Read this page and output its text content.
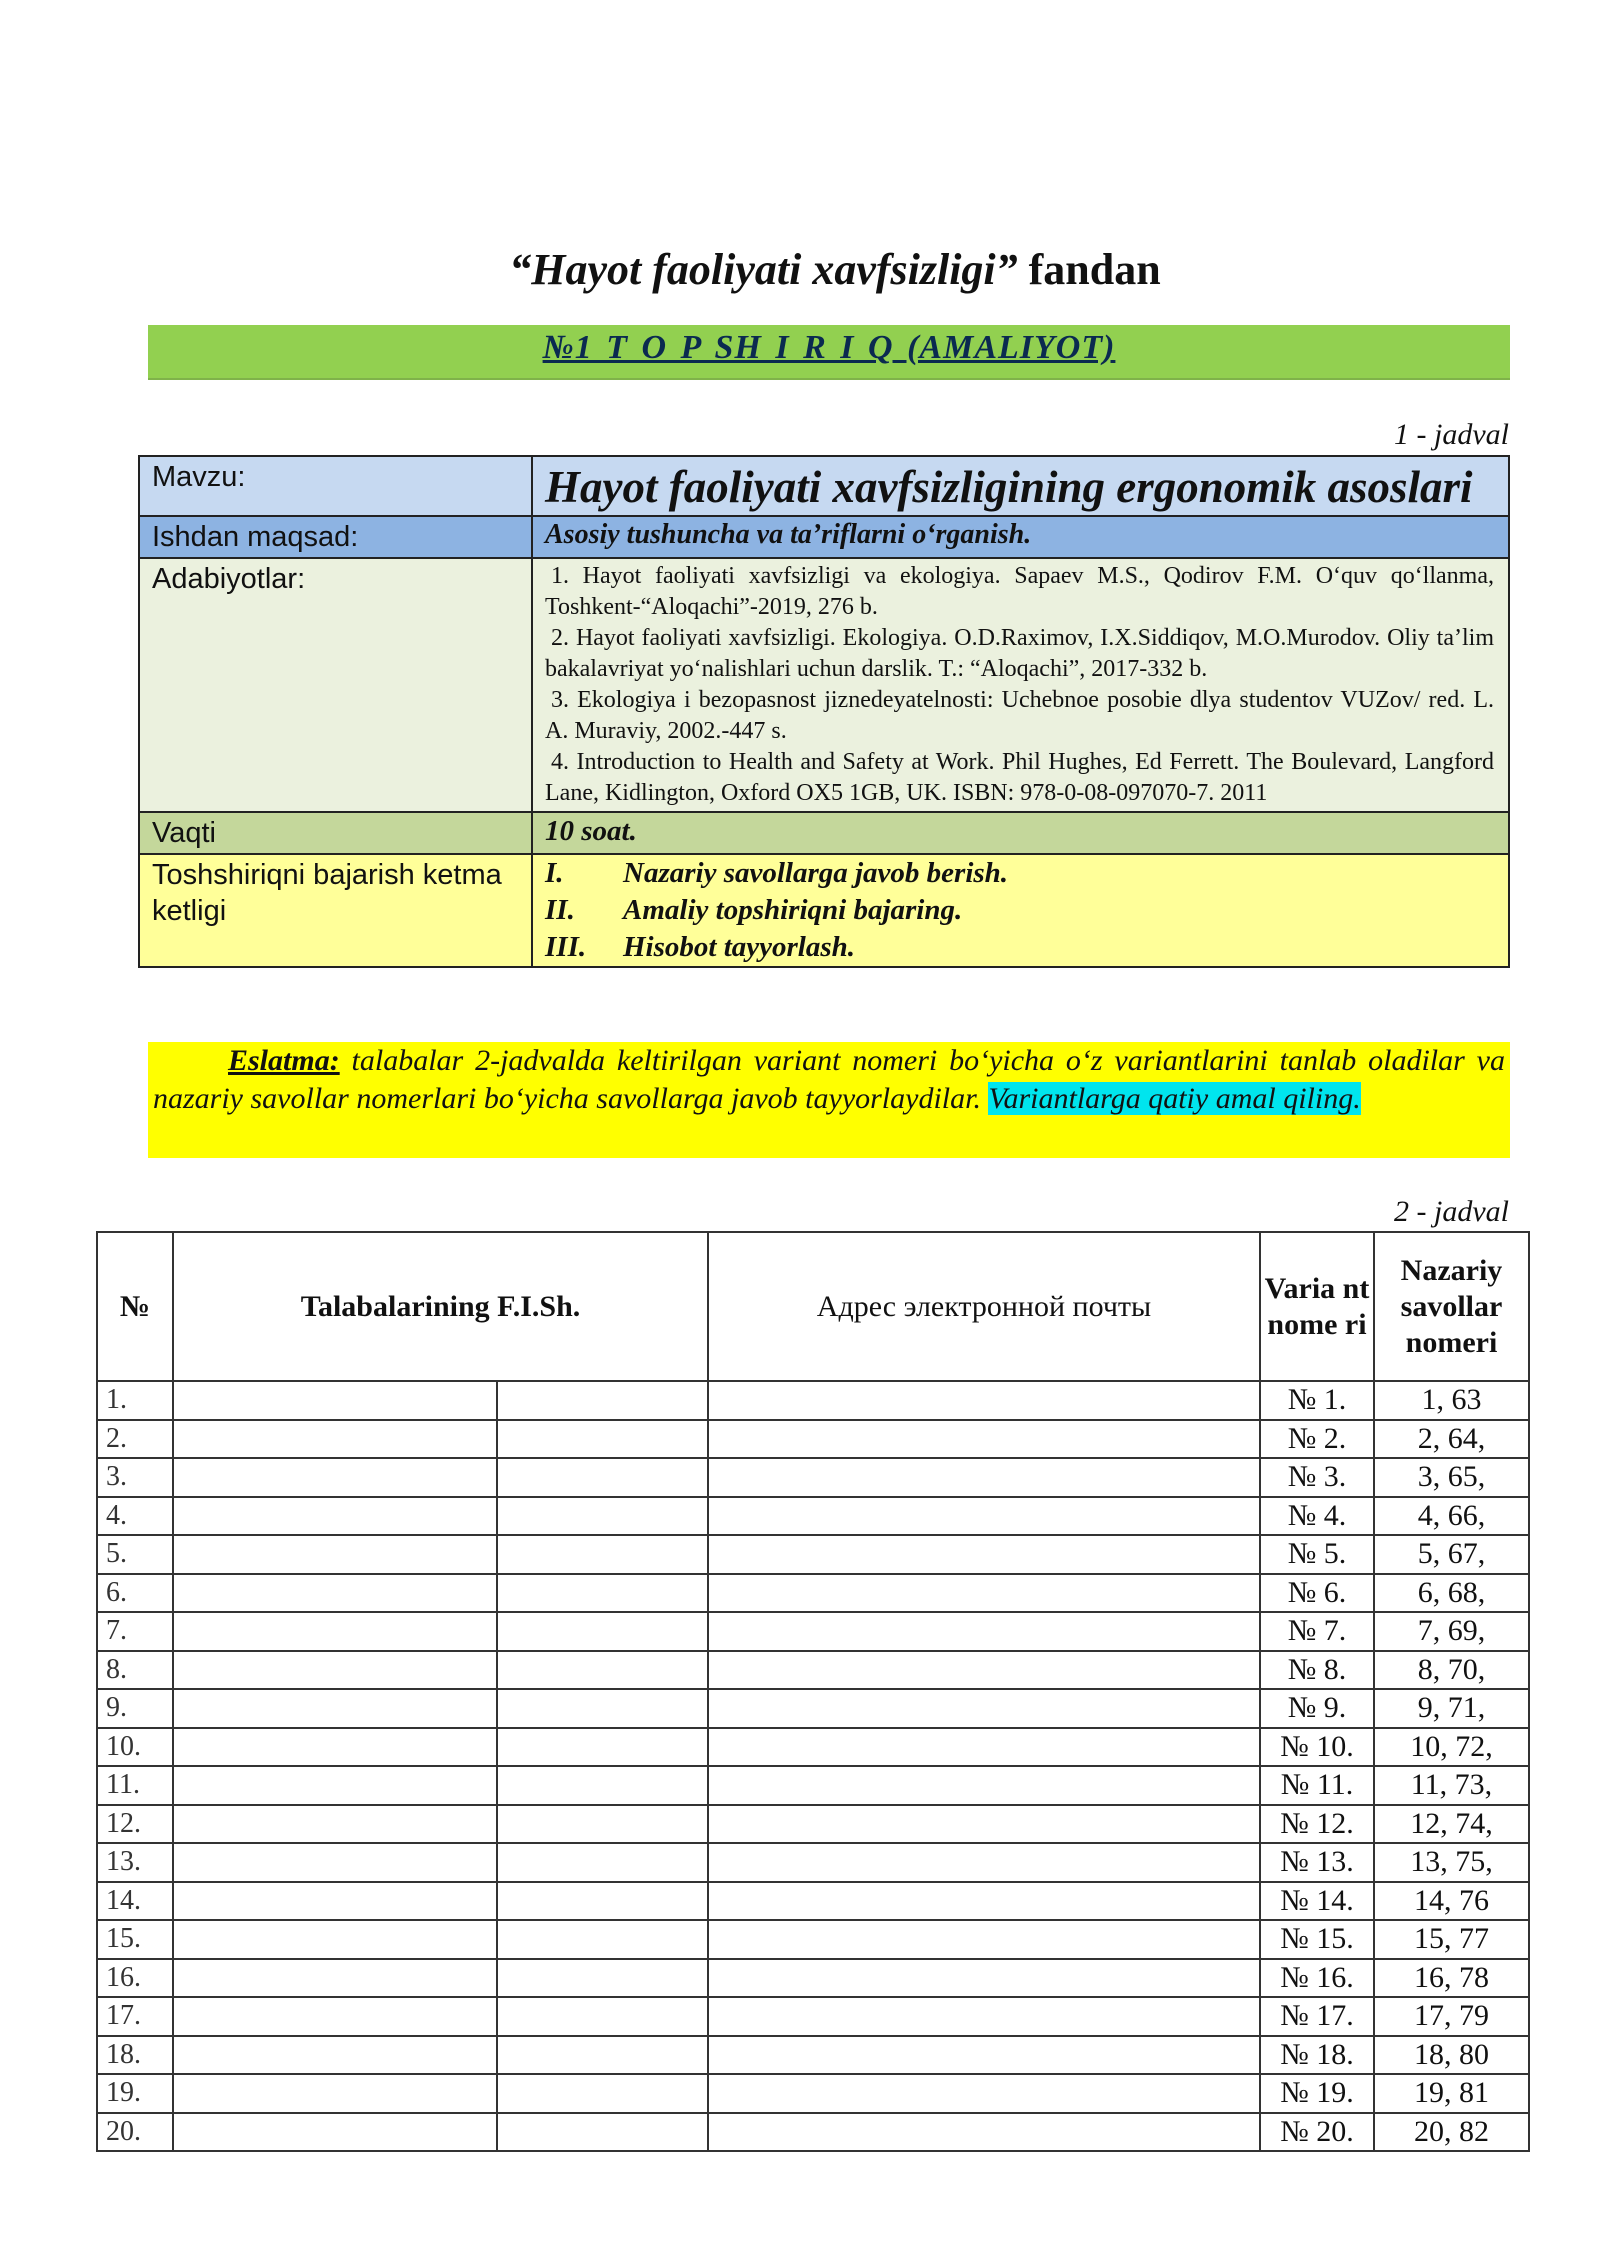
“Hayot faoliyati xavfsizligi” fandan
№1 T O P SH I R I Q (AMALIYOT)
1 - jadval
Mavzu:	Hayot faoliyati xavfsizligining ergonomik asoslari

Ishdan maqsad:	Asosiy tushuncha va ta’riflarni o‘rganish.

Adabiyotlar:	1. Hayot faoliyati xavfsizligi va ekologiya. Sapaev M.S., Qodirov F.M. O‘quv qo‘llanma, Toshkent-“Aloqachi”-2019, 276 b.

2. Hayot faoliyati xavfsizligi. Ekologiya. O.D.Raximov, I.X.Siddiqov, M.O.Murodov. Oliy ta’lim bakalavriyat yo‘nalishlari uchun darslik. T.: “Aloqachi”, 2017-332 b.

3. Ekologiya i bezopasnost jiznedeyatelnosti: Uchebnoe posobie dlya studentov VUZov/ red. L. A. Muraviy, 2002.-447 s.

4. Introduction to Health and Safety at Work. Phil Hughes, Ed Ferrett. The Boulevard, Langford Lane, Kidlington, Oxford OX5 1GB, UK. ISBN: 978-0-08-097070-7. 2011

Vaqti	10 soat.

Toshshiriqni bajarish ketma ketligi	I. Nazariy savollarga javob berish.
II. Amaliy topshiriqni bajaring.
III. Hisobot tayyorlash.

Eslatma: talabalar 2-jadvalda keltirilgan variant nomeri bo‘yicha o‘z variantlarini tanlab oladilar va nazariy savollar nomerlari bo‘yicha savollarga javob tayyorlaydilar. Variantlarga qatiy amal qiling.

2 - jadval
№	Talabalarining F.I.Sh.		Адрес электронной почты	Varia nt nome ri	Nazariy savollar nomeri
1.				№ 1.	1, 63
2.				№ 2.	2, 64,
3.				№ 3.	3, 65,
4.				№ 4.	4, 66,
5.				№ 5.	5, 67,
6.				№ 6.	6, 68,
7.				№ 7.	7, 69,
8.				№ 8.	8, 70,
9.				№ 9.	9, 71,
10.				№ 10.	10, 72,
11.				№ 11.	11, 73,
12.				№ 12.	12, 74,
13.				№ 13.	13, 75,
14.				№ 14.	14, 76
15.				№ 15.	15, 77
16.				№ 16.	16, 78
17.				№ 17.	17, 79
18.				№ 18.	18, 80
19.				№ 19.	19, 81
20.				№ 20.	20, 82
